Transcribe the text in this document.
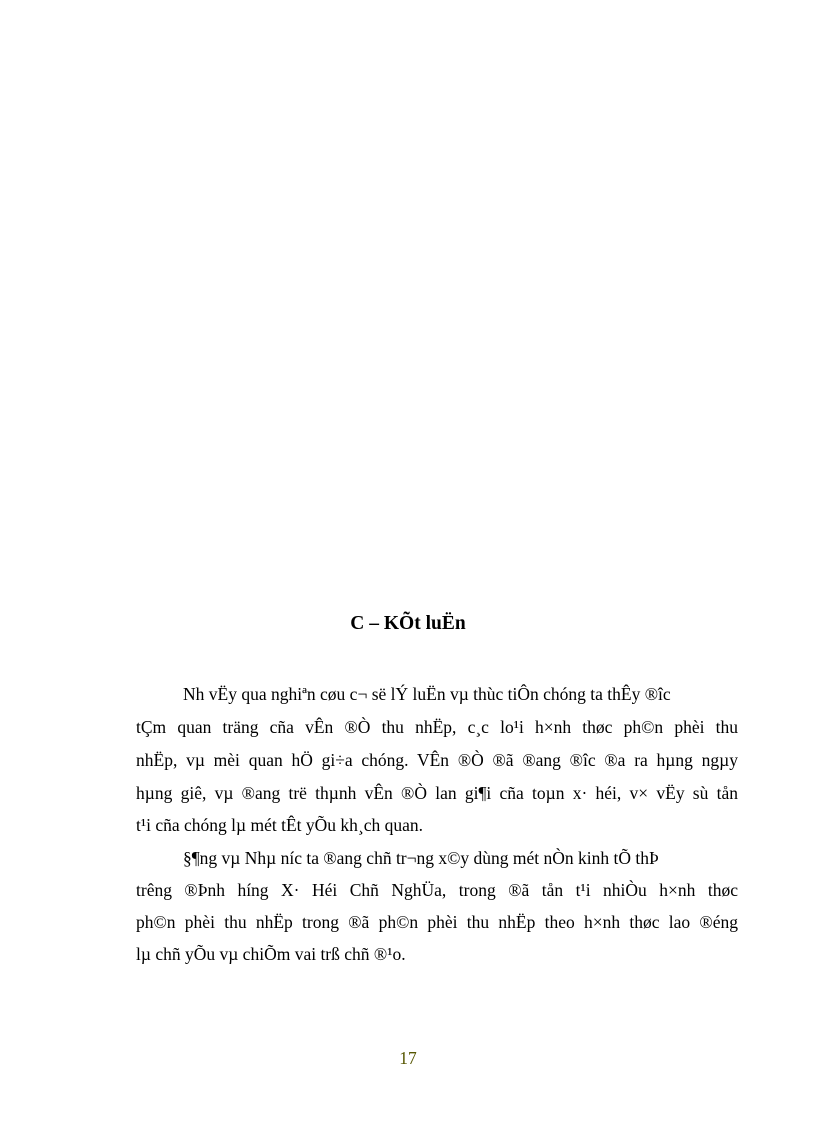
C – KÕt luËn
Nh vËy qua nghiªn cøu c¬ së lÝ luËn vµ thùc tiÔn chóng ta thÊy ®îc
tÇm quan träng cña vÊn ®Ò thu nhËp, c¸c lo¹i h×nh thøc ph©n phèi thu
nhËp, vµ mèi quan hÖ gi÷a chóng. VÊn ®Ò ®ã ®ang ®îc ®a ra hµng ngµy
hµng giê, vµ ®ang trë thµnh vÊn ®Ò lan gi¶i cña toµn x· héi, v× vËy sù tån
t¹i cña chóng lµ mét tÊt yÕu kh¸ch quan.
§¶ng vµ Nhµ níc ta ®ang chñ tr¬ng x©y dùng mét nÒn kinh tÕ thÞ
trêng ®Þnh híng X· Héi Chñ NghÜa, trong ®ã tån t¹i nhiÒu h×nh thøc
ph©n phèi thu nhËp trong ®ã ph©n phèi thu nhËp theo h×nh thøc lao ®éng
lµ chñ yÕu vµ chiÕm vai trß chñ ®¹o.
17
